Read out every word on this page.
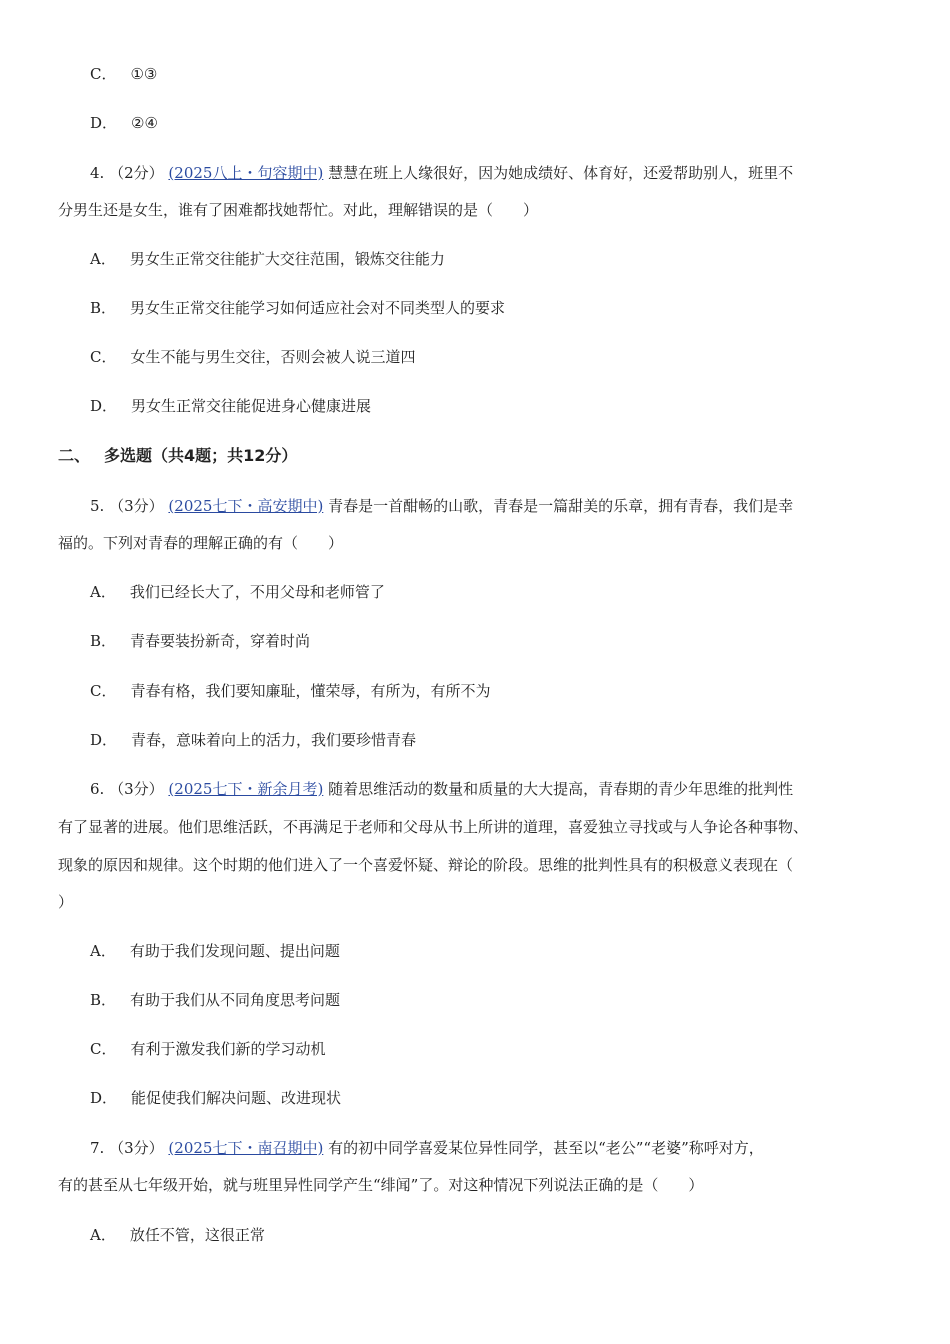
C． ①③
D． ②④
4. （2分） (2025八上・句容期中) 慧慧在班上人缘很好，因为她成绩好、体育好，还爱帮助别人，班里不
分男生还是女生，谁有了困难都找她帮忙。对此，理解错误的是（　　）
A． 男女生正常交往能扩大交往范围，锻炼交往能力
B． 男女生正常交往能学习如何适应社会对不同类型人的要求
C． 女生不能与男生交往，否则会被人说三道四
D． 男女生正常交往能促进身心健康进展
二、 多选题（共4题；共12分）
5. （3分） (2025七下・高安期中) 青春是一首酣畅的山歌，青春是一篇甜美的乐章，拥有青春，我们是幸
福的。下列对青春的理解正确的有（　　）
A． 我们已经长大了，不用父母和老师管了
B． 青春要装扮新奇，穿着时尚
C． 青春有格，我们要知廉耻，懂荣辱，有所为，有所不为
D． 青春，意味着向上的活力，我们要珍惜青春
6. （3分） (2025七下・新余月考) 随着思维活动的数量和质量的大大提高，青春期的青少年思维的批判性
有了显著的进展。他们思维活跃，不再满足于老师和父母从书上所讲的道理，喜爱独立寻找或与人争论各种事物、
现象的原因和规律。这个时期的他们进入了一个喜爱怀疑、辩论的阶段。思维的批判性具有的积极意义表现在（
）
A． 有助于我们发现问题、提出问题
B． 有助于我们从不同角度思考问题
C． 有利于激发我们新的学习动机
D． 能促使我们解决问题、改进现状
7. （3分） (2025七下・南召期中) 有的初中同学喜爱某位异性同学，甚至以“老公”“老婆”称呼对方，
有的甚至从七年级开始，就与班里异性同学产生“绯闻”了。对这种情况下列说法正确的是（　　）
A． 放任不管，这很正常
